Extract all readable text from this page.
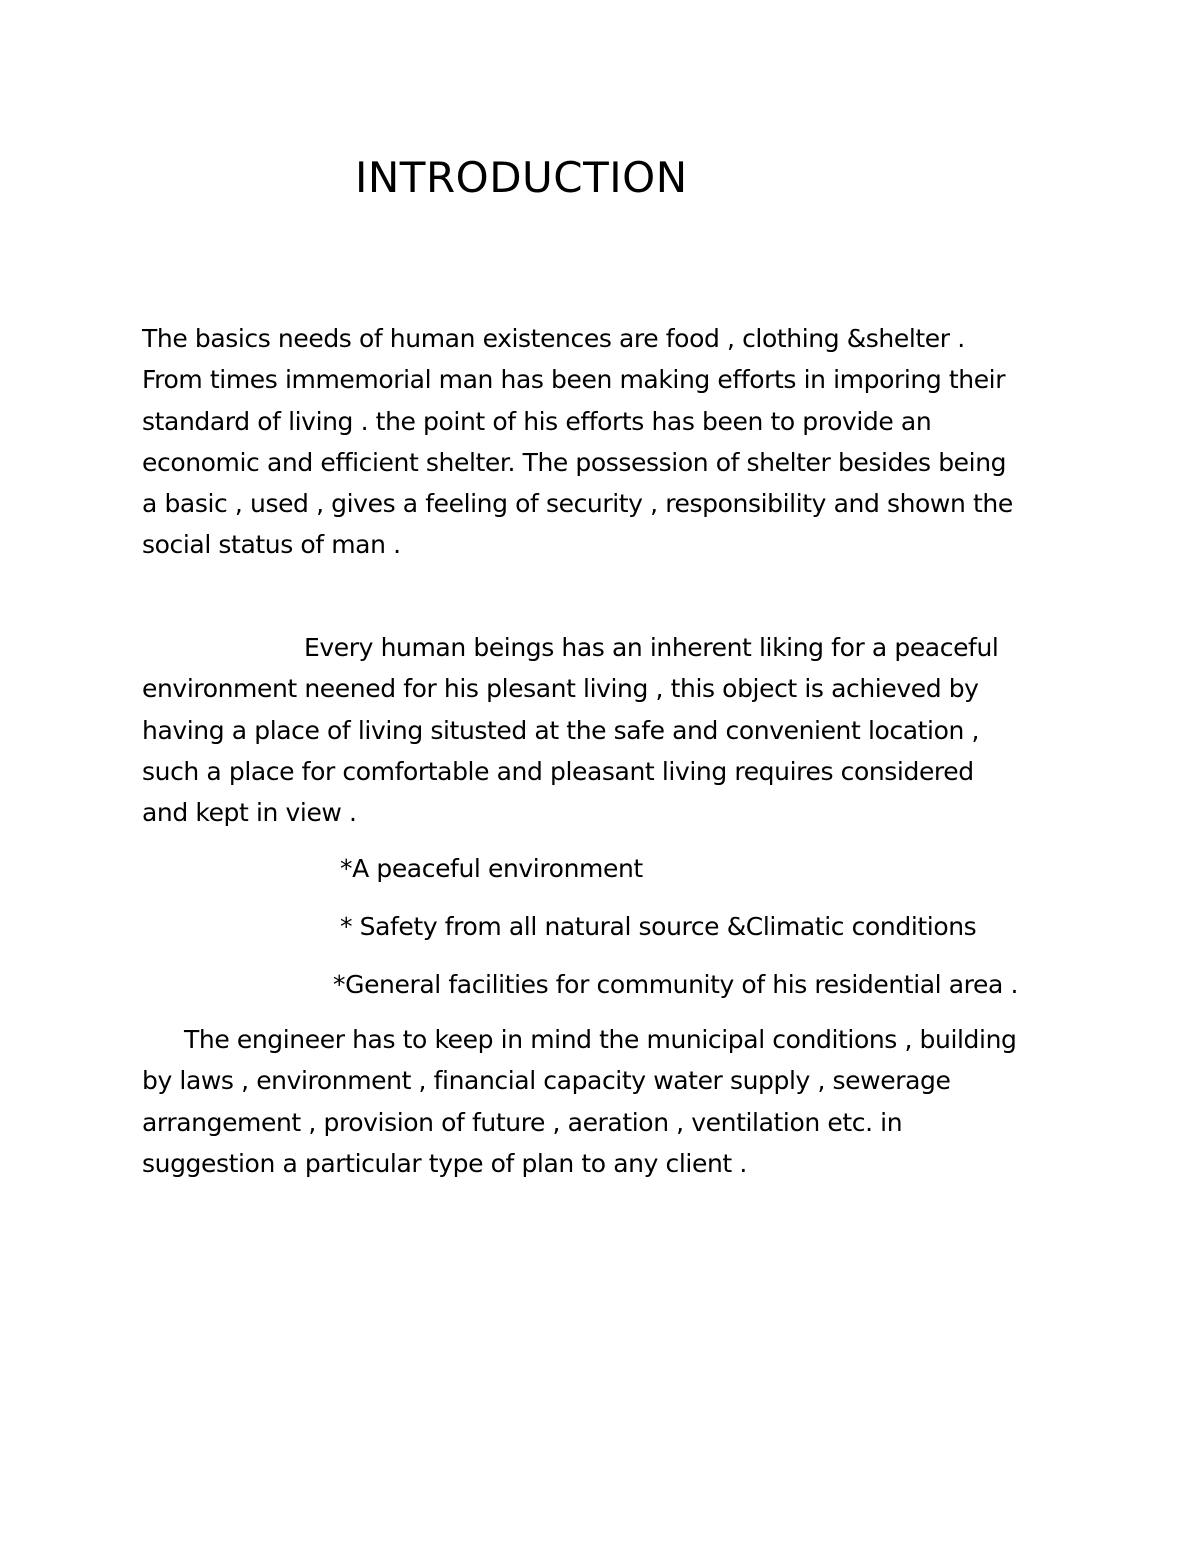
INTRODUCTION
The basics needs of human existences are food , clothing &shelter .
From times immemorial man has been making efforts in imporing their
standard of living . the point of his efforts has been to provide an
economic and efficient shelter. The possession of shelter besides being
a basic , used , gives a feeling of security , responsibility and shown the
social status of man .
Every human beings has an inherent liking for a peaceful
environment neened for his plesant living , this object is achieved by
having a place of living situsted at the safe and convenient location ,
such a place for comfortable and pleasant living requires considered
and kept in view .
*A peaceful environment
* Safety from all natural source &Climatic conditions
*General facilities for community of his residential area .
The engineer has to keep in mind the municipal conditions , building
by laws , environment , financial capacity water supply , sewerage
arrangement , provision of future , aeration , ventilation etc. in
suggestion a particular type of plan to any client .
